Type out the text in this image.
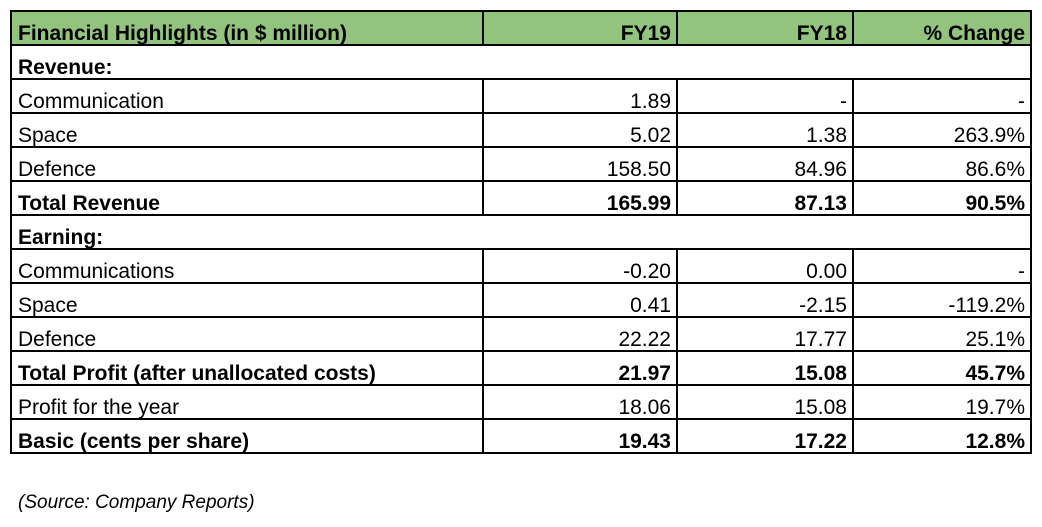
Financial Highlights (in $ million)	FY19	FY18	% Change
Revenue:			
Communication	1.89	-	-
Space	5.02	1.38	263.9%
Defence	158.50	84.96	86.6%
Total Revenue	165.99	87.13	90.5%
Earning:			
Communications	-0.20	0.00	-
Space	0.41	-2.15	-119.2%
Defence	22.22	17.77	25.1%
Total Profit (after unallocated costs)	21.97	15.08	45.7%
Profit for the year	18.06	15.08	19.7%
Basic (cents per share)	19.43	17.22	12.8%
(Source: Company Reports)
